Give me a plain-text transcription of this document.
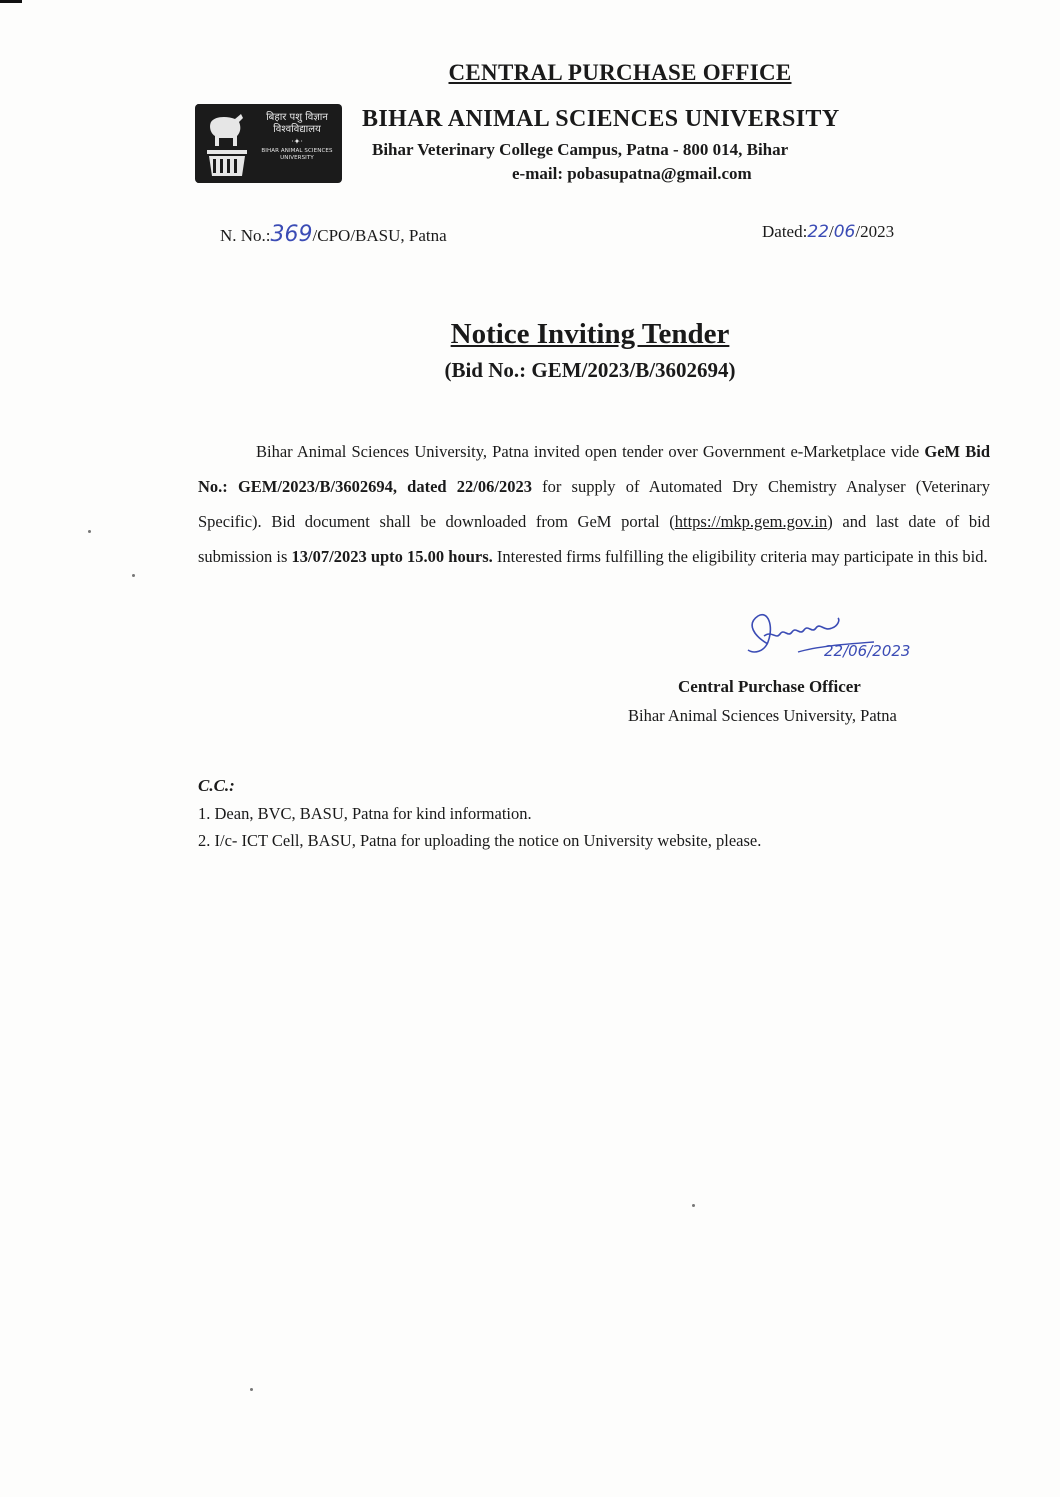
CENTRAL PURCHASE OFFICE
बिहार पशु विज्ञान
विश्वविद्यालय
·✦·
BIHAR ANIMAL SCIENCES
UNIVERSITY
BIHAR ANIMAL SCIENCES UNIVERSITY
Bihar Veterinary College Campus, Patna - 800 014, Bihar
e-mail: pobasupatna@gmail.com
N. No.:369/CPO/BASU, Patna	Dated:22/06/2023
Notice Inviting Tender
(Bid No.: GEM/2023/B/3602694)
Bihar Animal Sciences University, Patna invited open tender over Government e-Marketplace vide GeM Bid No.: GEM/2023/B/3602694, dated 22/06/2023 for supply of Automated Dry Chemistry Analyser (Veterinary Specific). Bid document shall be downloaded from GeM portal (https://mkp.gem.gov.in) and last date of bid submission is 13/07/2023 upto 15.00 hours. Interested firms fulfilling the eligibility criteria may participate in this bid.
22/06/2023
Central Purchase Officer
Bihar Animal Sciences University, Patna
C.C.:
1. Dean, BVC, BASU, Patna for kind information.
2. I/c- ICT Cell, BASU, Patna for uploading the notice on University website, please.
